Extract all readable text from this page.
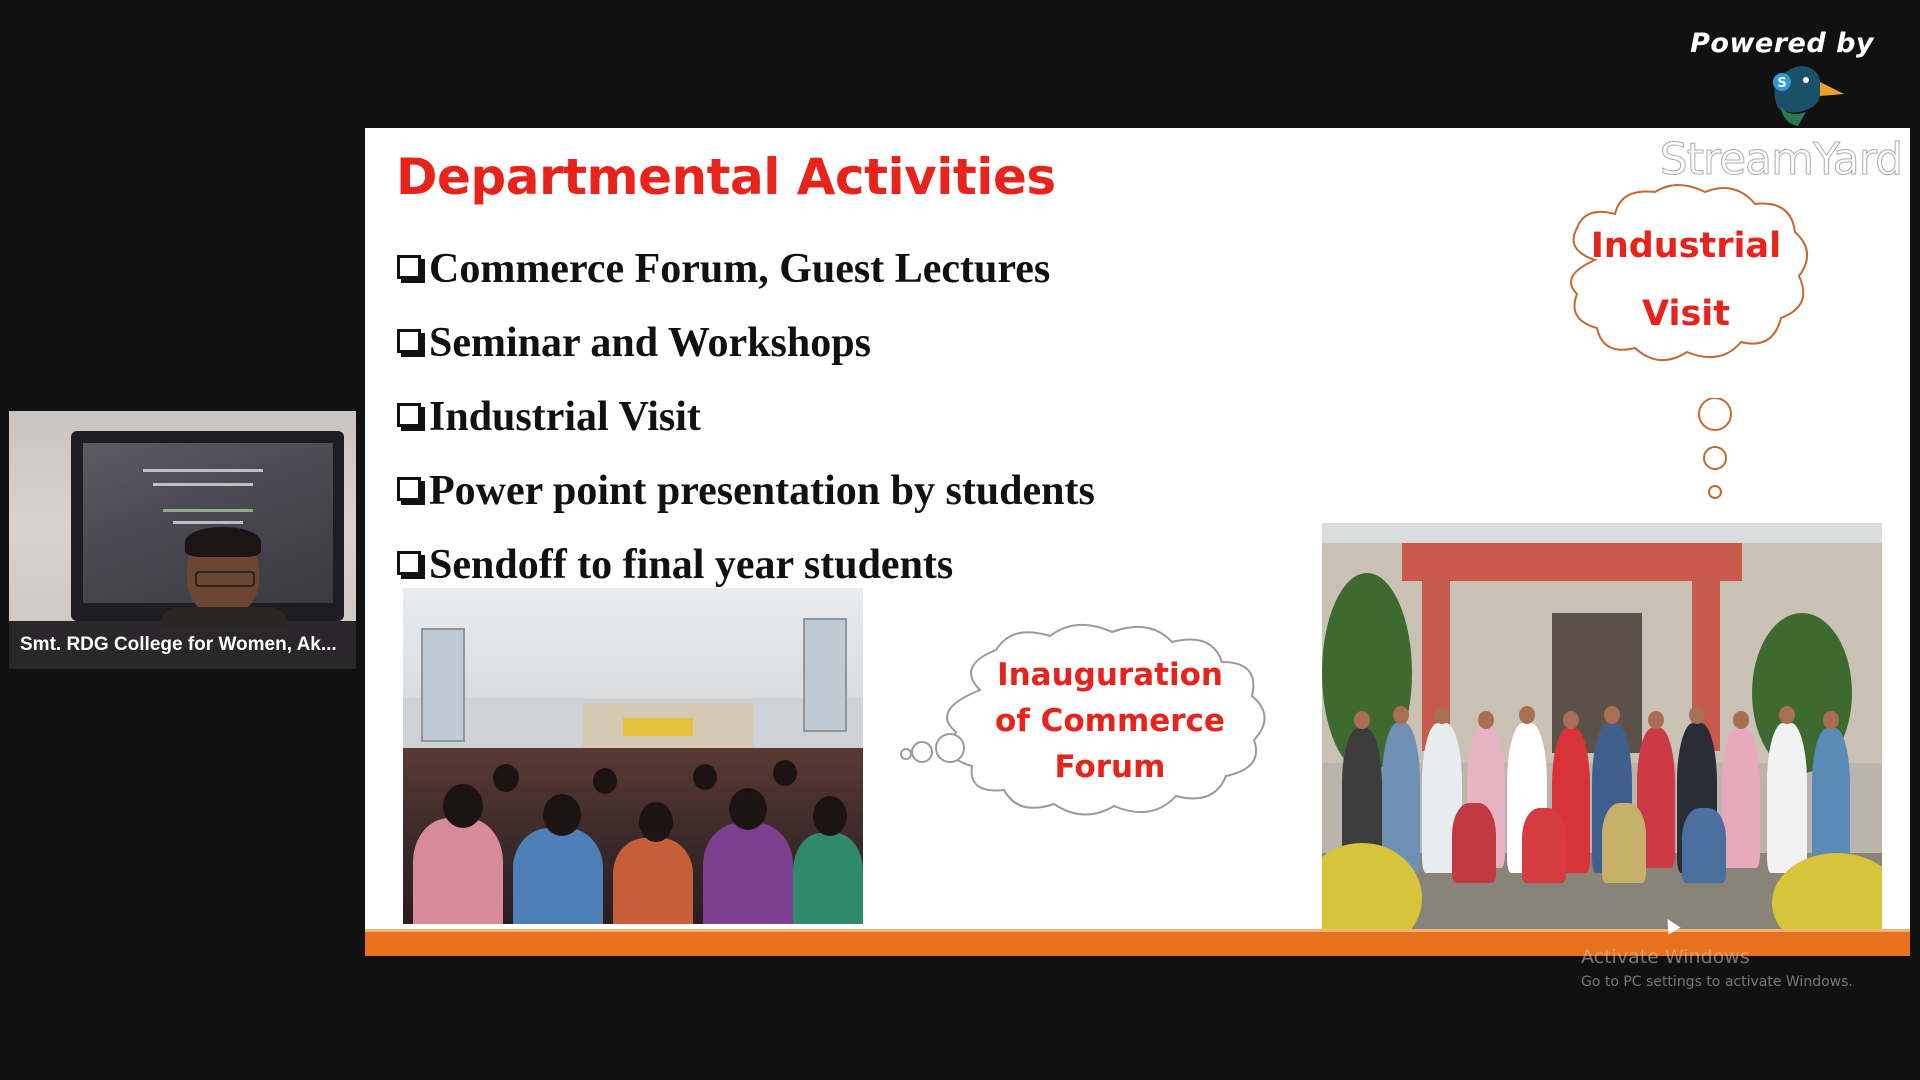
Powered by
S
StreamYard
Smt. RDG College for Women, Ak...
Departmental Activities
Commerce Forum, Guest Lectures
Seminar and Workshops
Industrial Visit
Power point presentation by students
Sendoff to final year students
Industrial
Visit
Inauguration
of Commerce
Forum
Activate Windows
Go to PC settings to activate Windows.
